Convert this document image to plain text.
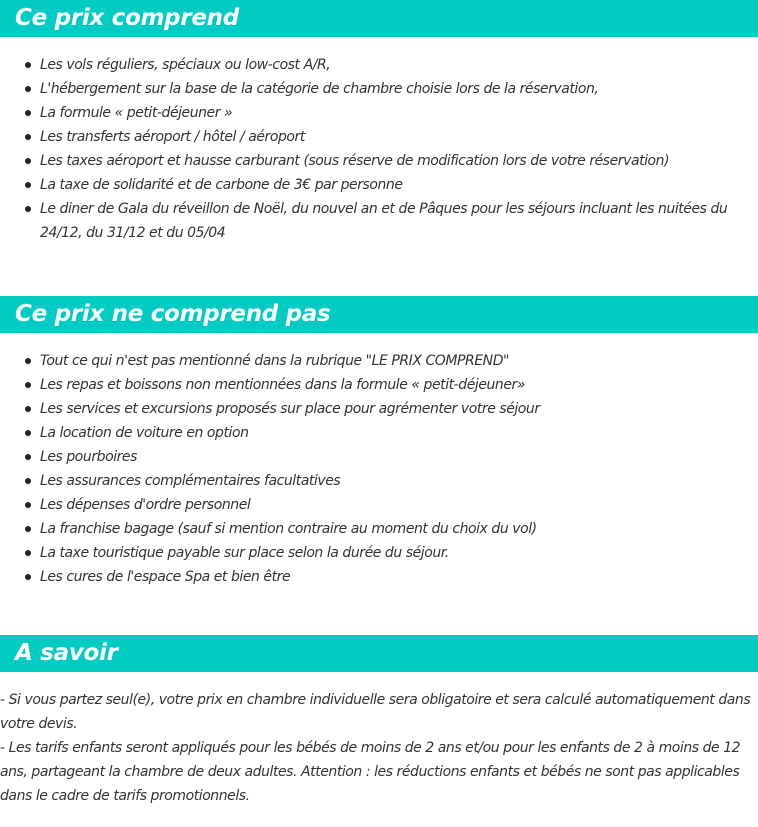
Ce prix comprend
Les vols réguliers, spéciaux ou low-cost A/R,
L'hébergement sur la base de la catégorie de chambre choisie lors de la réservation,
La formule « petit-déjeuner »
Les transferts aéroport / hôtel / aéroport
Les taxes aéroport et hausse carburant (sous réserve de modification lors de votre réservation)
La taxe de solidarité et de carbone de 3€ par personne
Le diner de Gala du réveillon de Noël, du nouvel an et de Pâques pour les séjours incluant les nuitées du 24/12, du 31/12 et du 05/04
Ce prix ne comprend pas
Tout ce qui n'est pas mentionné dans la rubrique "LE PRIX COMPREND"
Les repas et boissons non mentionnées dans la formule « petit-déjeuner»
Les services et excursions proposés sur place pour agrémenter votre séjour
La location de voiture en option
Les pourboires
Les assurances complémentaires facultatives
Les dépenses d'ordre personnel
La franchise bagage (sauf si mention contraire au moment du choix du vol)
La taxe touristique payable sur place selon la durée du séjour.
Les cures de l'espace Spa et bien être
A savoir

- Si vous partez seul(e), votre prix en chambre individuelle sera obligatoire et sera calculé automatiquement dans votre devis.

- Les tarifs enfants seront appliqués pour les bébés de moins de 2 ans et/ou pour les enfants de 2 à moins de 12 ans, partageant la chambre de deux adultes. Attention : les réductions enfants et bébés ne sont pas applicables dans le cadre de tarifs promotionnels.
